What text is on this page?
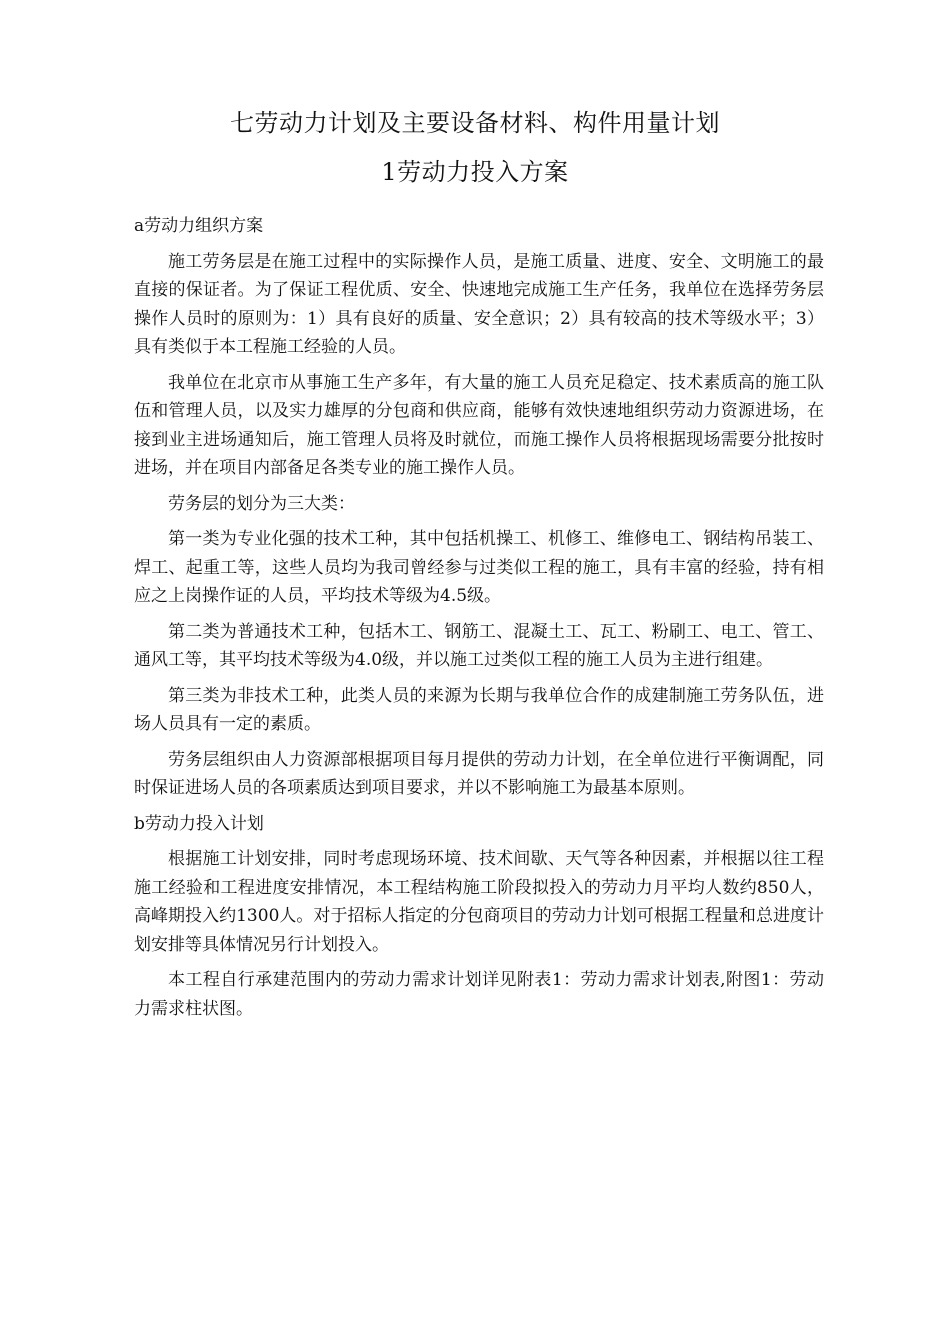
七劳动力计划及主要设备材料、构件用量计划
1劳动力投入方案
a劳动力组织方案

施工劳务层是在施工过程中的实际操作人员，是施工质量、进度、安全、文明施工的最直接的保证者。为了保证工程优质、安全、快速地完成施工生产任务，我单位在选择劳务层操作人员时的原则为：1）具有良好的质量、安全意识；2）具有较高的技术等级水平；3）具有类似于本工程施工经验的人员。

我单位在北京市从事施工生产多年，有大量的施工人员充足稳定、技术素质高的施工队伍和管理人员，以及实力雄厚的分包商和供应商，能够有效快速地组织劳动力资源进场，在接到业主进场通知后，施工管理人员将及时就位，而施工操作人员将根据现场需要分批按时进场，并在项目内部备足各类专业的施工操作人员。

劳务层的划分为三大类：

第一类为专业化强的技术工种，其中包括机操工、机修工、维修电工、钢结构吊装工、焊工、起重工等，这些人员均为我司曾经参与过类似工程的施工，具有丰富的经验，持有相应之上岗操作证的人员，平均技术等级为4.5级。

第二类为普通技术工种，包括木工、钢筋工、混凝土工、瓦工、粉刷工、电工、管工、通风工等，其平均技术等级为4.0级，并以施工过类似工程的施工人员为主进行组建。

第三类为非技术工种，此类人员的来源为长期与我单位合作的成建制施工劳务队伍，进场人员具有一定的素质。

劳务层组织由人力资源部根据项目每月提供的劳动力计划，在全单位进行平衡调配，同时保证进场人员的各项素质达到项目要求，并以不影响施工为最基本原则。

b劳动力投入计划

根据施工计划安排，同时考虑现场环境、技术间歇、天气等各种因素，并根据以往工程施工经验和工程进度安排情况，本工程结构施工阶段拟投入的劳动力月平均人数约850人，高峰期投入约1300人。对于招标人指定的分包商项目的劳动力计划可根据工程量和总进度计划安排等具体情况另行计划投入。

本工程自行承建范围内的劳动力需求计划详见附表1：劳动力需求计划表,附图1：劳动力需求柱状图。
